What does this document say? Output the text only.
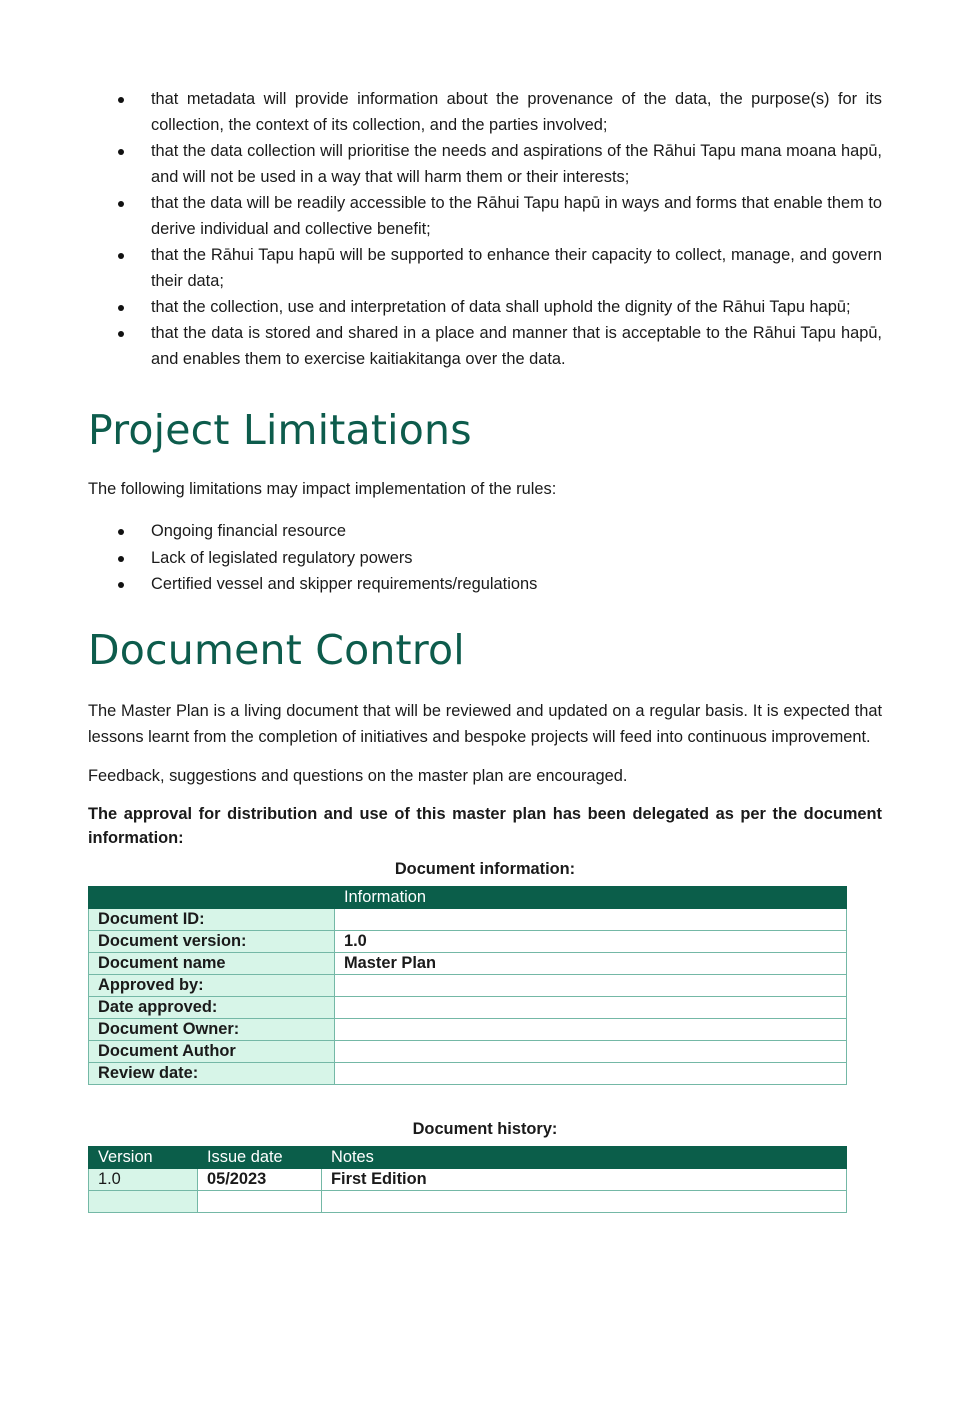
that metadata will provide information about the provenance of the data, the purpose(s) for its collection, the context of its collection, and the parties involved;
that the data collection will prioritise the needs and aspirations of the Rāhui Tapu mana moana hapū, and will not be used in a way that will harm them or their interests;
that the data will be readily accessible to the Rāhui Tapu hapū in ways and forms that enable them to derive individual and collective benefit;
that the Rāhui Tapu hapū will be supported to enhance their capacity to collect, manage, and govern their data;
that the collection, use and interpretation of data shall uphold the dignity of the Rāhui Tapu hapū;
that the data is stored and shared in a place and manner that is acceptable to the Rāhui Tapu hapū, and enables them to exercise kaitiakitanga over the data.
Project Limitations

The following limitations may impact implementation of the rules:

Ongoing financial resource
Lack of legislated regulatory powers
Certified vessel and skipper requirements/regulations
Document Control

The Master Plan is a living document that will be reviewed and updated on a regular basis. It is expected that lessons learnt from the completion of initiatives and bespoke projects will feed into continuous improvement.

Feedback, suggestions and questions on the master plan are encouraged.

The approval for distribution and use of this master plan has been delegated as per the document information:

Document information:
	Information
Document ID:	
Document version:	1.0
Document name	Master Plan
Approved by:	
Date approved:	
Document Owner:	
Document Author	
Review date:	
Document history:
Version	Issue date	Notes
1.0	05/2023	First Edition
